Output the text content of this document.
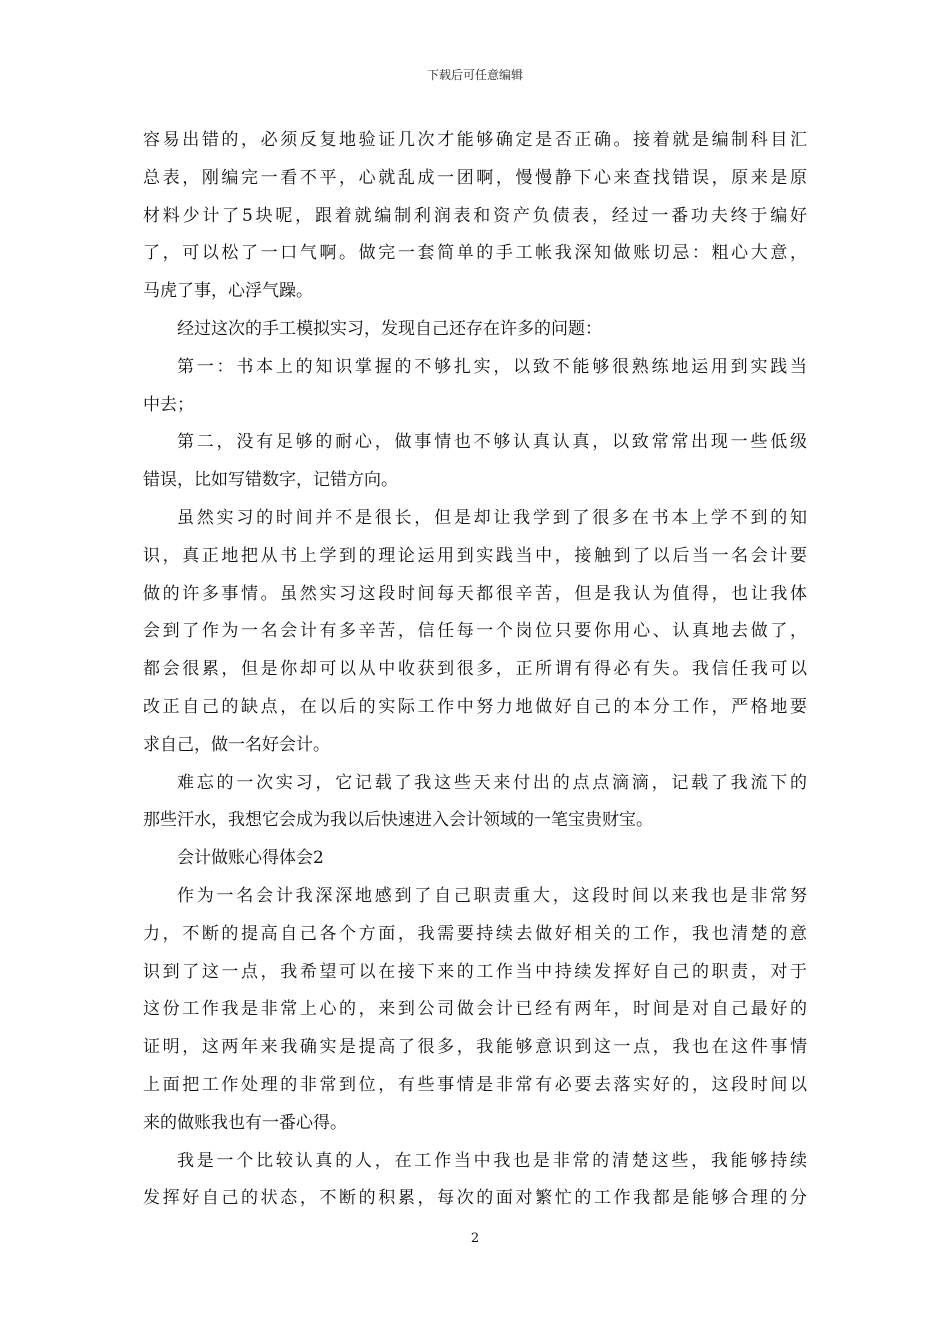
下载后可任意编辑
容易出错的，必须反复地验证几次才能够确定是否正确。接着就是编制科目汇
总表，刚编完一看不平，心就乱成一团啊，慢慢静下心来查找错误，原来是原
材料少计了5块呢，跟着就编制利润表和资产负债表，经过一番功夫终于编好
了，可以松了一口气啊。做完一套简单的手工帐我深知做账切忌：粗心大意，
马虎了事，心浮气躁。
经过这次的手工模拟实习，发现自己还存在许多的问题：
第一：书本上的知识掌握的不够扎实，以致不能够很熟练地运用到实践当
中去；
第二，没有足够的耐心，做事情也不够认真认真，以致常常出现一些低级
错误，比如写错数字，记错方向。
虽然实习的时间并不是很长，但是却让我学到了很多在书本上学不到的知
识，真正地把从书上学到的理论运用到实践当中，接触到了以后当一名会计要
做的许多事情。虽然实习这段时间每天都很辛苦，但是我认为值得，也让我体
会到了作为一名会计有多辛苦，信任每一个岗位只要你用心、认真地去做了，
都会很累，但是你却可以从中收获到很多，正所谓有得必有失。我信任我可以
改正自己的缺点，在以后的实际工作中努力地做好自己的本分工作，严格地要
求自己，做一名好会计。
难忘的一次实习，它记载了我这些天来付出的点点滴滴，记载了我流下的
那些汗水，我想它会成为我以后快速进入会计领域的一笔宝贵财宝。
会计做账心得体会2
作为一名会计我深深地感到了自己职责重大，这段时间以来我也是非常努
力，不断的提高自己各个方面，我需要持续去做好相关的工作，我也清楚的意
识到了这一点，我希望可以在接下来的工作当中持续发挥好自己的职责，对于
这份工作我是非常上心的，来到公司做会计已经有两年，时间是对自己最好的
证明，这两年来我确实是提高了很多，我能够意识到这一点，我也在这件事情
上面把工作处理的非常到位，有些事情是非常有必要去落实好的，这段时间以
来的做账我也有一番心得。
我是一个比较认真的人，在工作当中我也是非常的清楚这些，我能够持续
发挥好自己的状态，不断的积累，每次的面对繁忙的工作我都是能够合理的分
2
